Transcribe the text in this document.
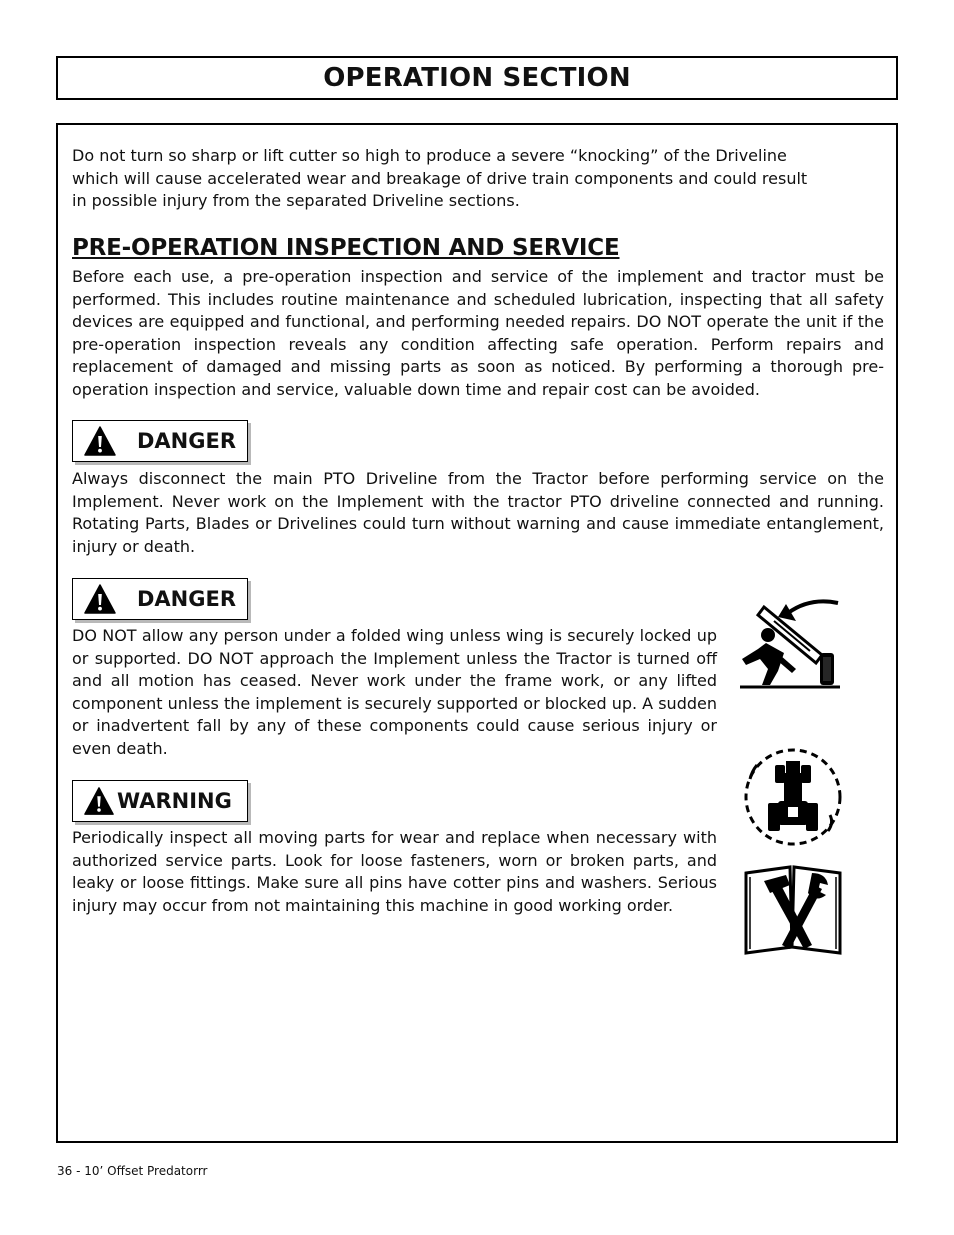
OPERATION SECTION

Do not turn so sharp or lift cutter so high to produce a severe “knocking” of the Driveline
which will cause accelerated wear and breakage of drive train components and could result
in possible injury from the separated Driveline sections.

PRE-OPERATION INSPECTION AND SERVICE

Before each use, a pre-operation inspection and service of the implement and tractor must be performed. This includes routine maintenance and scheduled lubrication, inspecting that all safety devices are equipped and functional, and performing needed repairs. DO NOT operate the unit if the pre-operation inspection reveals any condition affecting safe operation. Perform repairs and replacement of damaged and missing parts as soon as noticed. By performing a thorough pre-operation inspection and service, valuable down time and repair cost can be avoided.

DANGER

Always disconnect the main PTO Driveline from the Tractor before performing service on the Implement. Never work on the Implement with the tractor PTO driveline connected and running. Rotating Parts, Blades or Drivelines could turn without warning and cause immediate entanglement, injury or death.

DANGER

DO NOT allow any person under a folded wing unless wing is securely locked up or supported. DO NOT approach the Implement unless the Tractor is turned off and all motion has ceased. Never work under the frame work, or any lifted component unless the implement is securely supported or blocked up. A sudden or inadvertent fall by any of these components could cause serious injury or even death.

WARNING

Periodically inspect all moving parts for wear and replace when necessary with authorized service parts. Look for loose fasteners, worn or broken parts, and leaky or loose fittings. Make sure all pins have cotter pins and washers. Serious injury may occur from not maintaining this machine in good working order.

36 - 10’ Offset Predatorrr
